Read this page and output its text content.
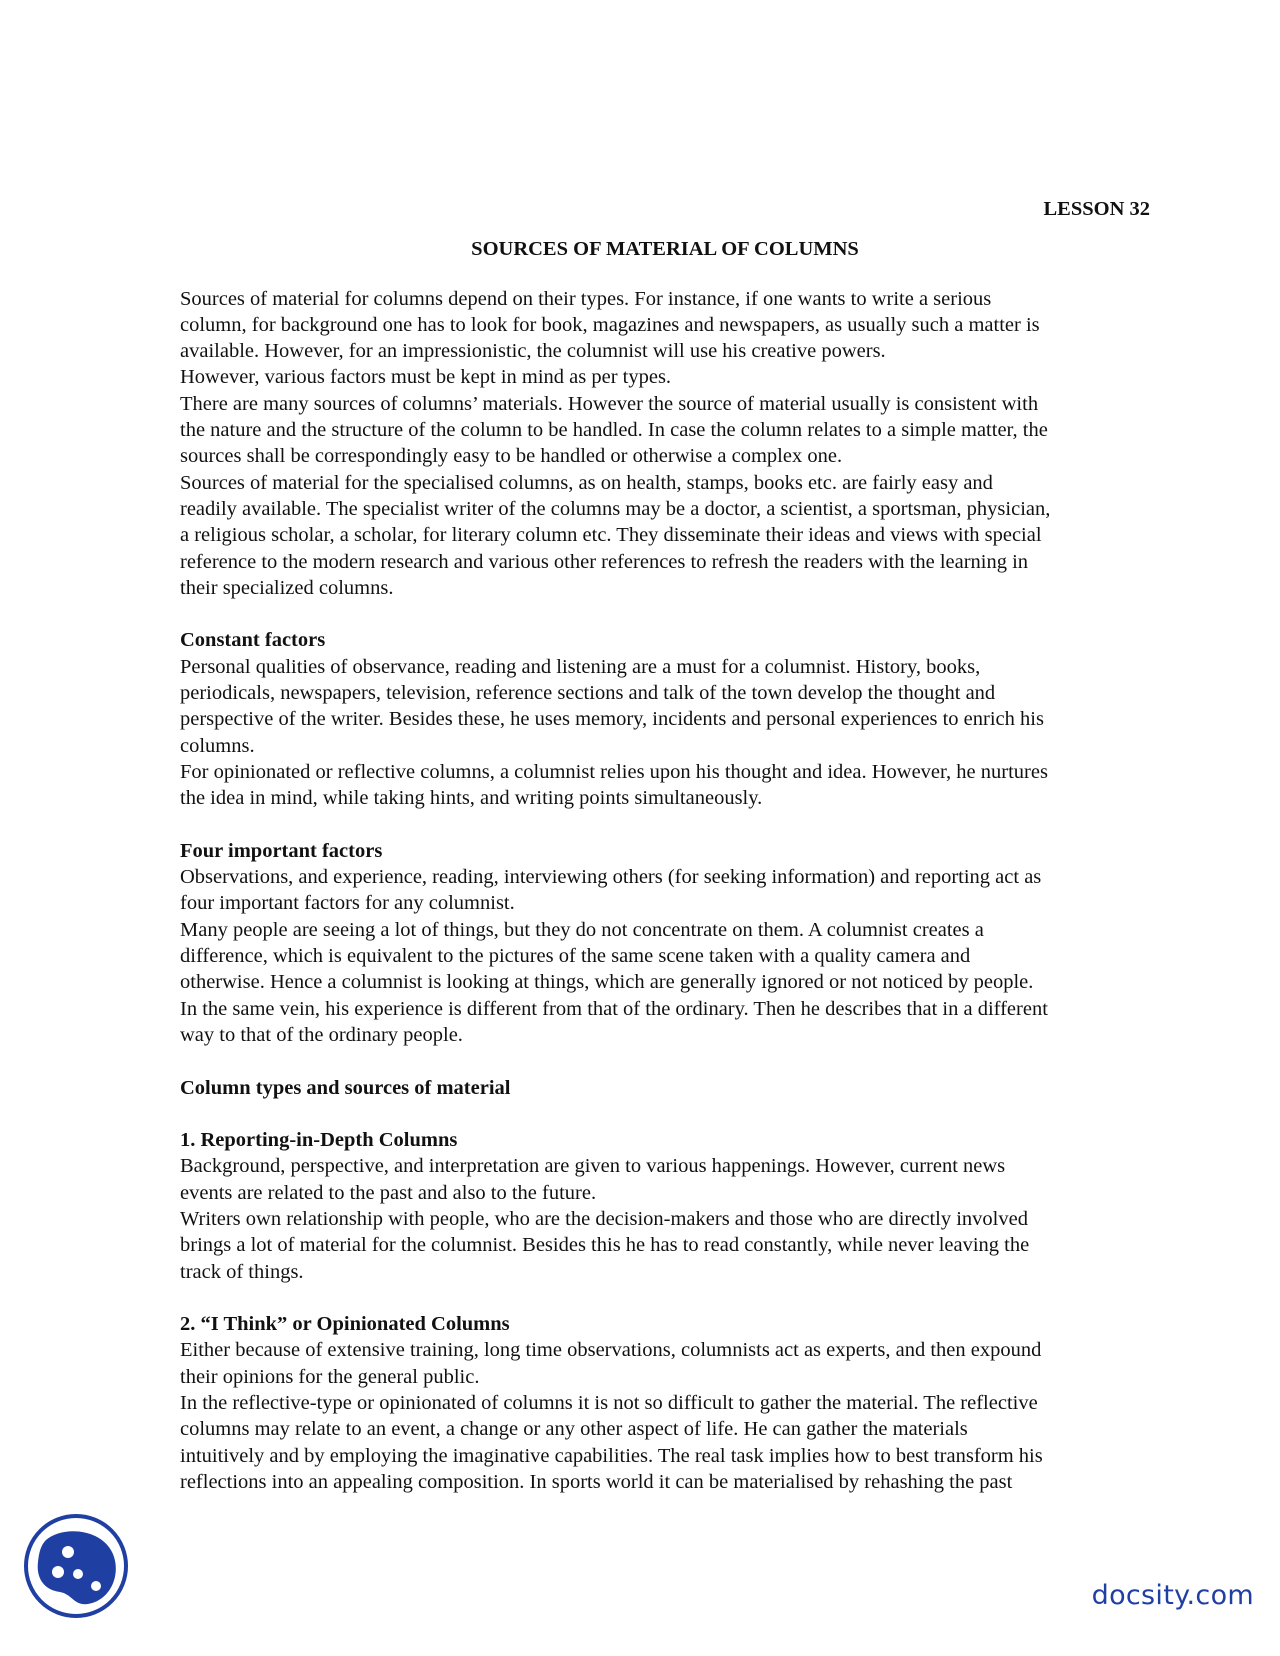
LESSON 32

SOURCES OF MATERIAL OF COLUMNS

Sources of material for columns depend on their types. For instance, if one wants to write a serious
column, for background one has to look for book, magazines and newspapers, as usually such a matter is
available. However, for an impressionistic, the columnist will use his creative powers.
However, various factors must be kept in mind as per types.
There are many sources of columns’ materials. However the source of material usually is consistent with
the nature and the structure of the column to be handled. In case the column relates to a simple matter, the
sources shall be correspondingly easy to be handled or otherwise a complex one.
Sources of material for the specialised columns, as on health, stamps, books etc. are fairly easy and
readily available. The specialist writer of the columns may be a doctor, a scientist, a sportsman, physician,
a religious scholar, a scholar, for literary column etc. They disseminate their ideas and views with special
reference to the modern research and various other references to refresh the readers with the learning in
their specialized columns.

Constant factors

Personal qualities of observance, reading and listening are a must for a columnist. History, books,
periodicals, newspapers, television, reference sections and talk of the town develop the thought and
perspective of the writer. Besides these, he uses memory, incidents and personal experiences to enrich his
columns.
For opinionated or reflective columns, a columnist relies upon his thought and idea. However, he nurtures
the idea in mind, while taking hints, and writing points simultaneously.

Four important factors

Observations, and experience, reading, interviewing others (for seeking information) and reporting act as
four important factors for any columnist.
Many people are seeing a lot of things, but they do not concentrate on them. A columnist creates a
difference, which is equivalent to the pictures of the same scene taken with a quality camera and
otherwise. Hence a columnist is looking at things, which are generally ignored or not noticed by people.
In the same vein, his experience is different from that of the ordinary. Then he describes that in a different
way to that of the ordinary people.

Column types and sources of material

1. Reporting-in-Depth Columns

Background, perspective, and interpretation are given to various happenings. However, current news
events are related to the past and also to the future.
Writers own relationship with people, who are the decision-makers and those who are directly involved
brings a lot of material for the columnist. Besides this he has to read constantly, while never leaving the
track of things.

2. “I Think” or Opinionated Columns

Either because of extensive training, long time observations, columnists act as experts, and then expound
their opinions for the general public.
In the reflective-type or opinionated of columns it is not so difficult to gather the material. The reflective
columns may relate to an event, a change or any other aspect of life. He can gather the materials
intuitively and by employing the imaginative capabilities. The real task implies how to best transform his
reflections into an appealing composition. In sports world it can be materialised by rehashing the past
docsity.com
